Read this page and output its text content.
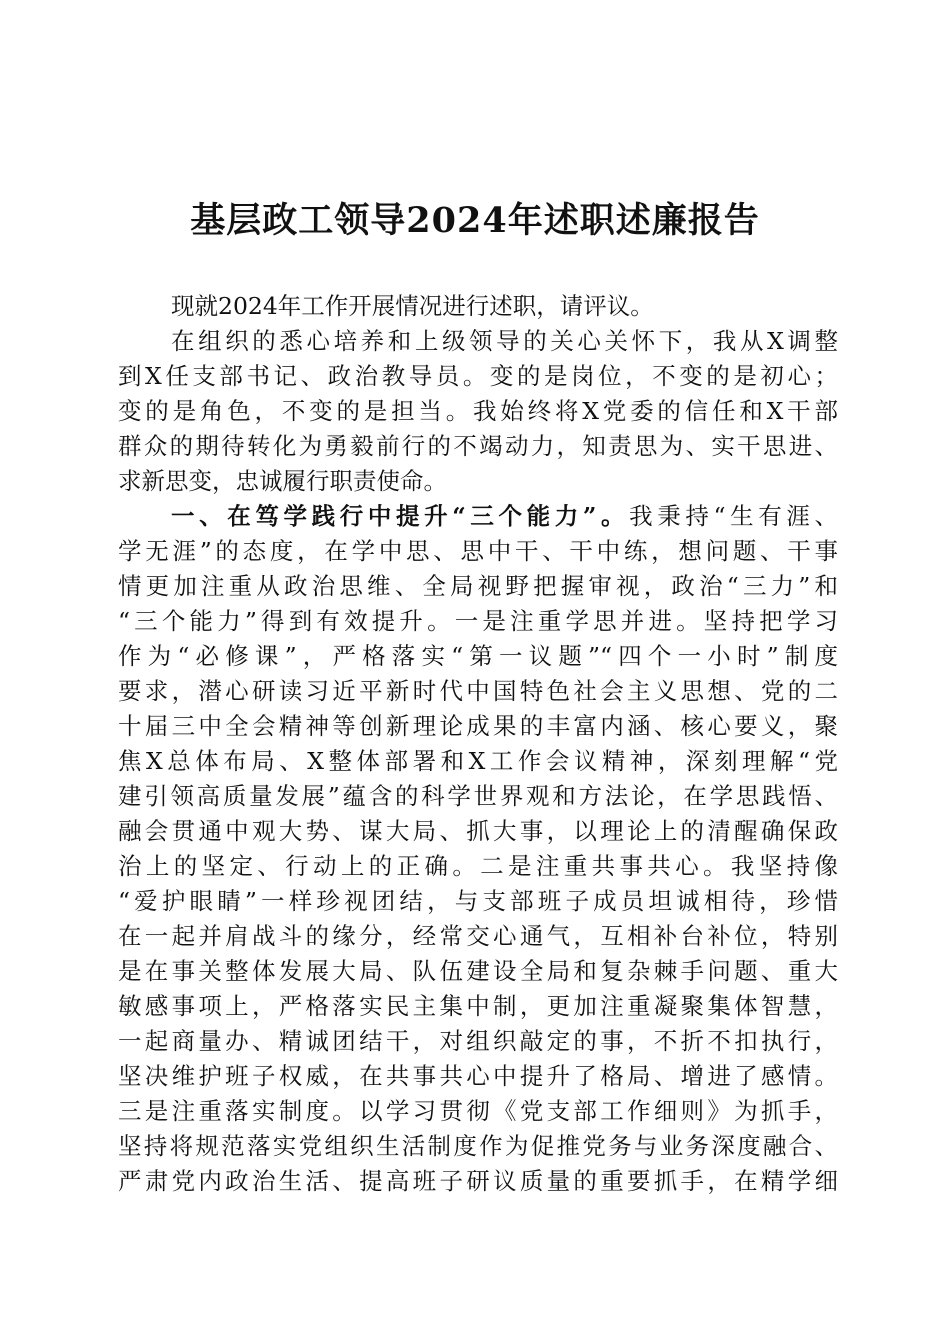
基层政工领导2024年述职述廉报告
现就2024年工作开展情况进行述职，请评议。
在组织的悉心培养和上级领导的关心关怀下，我从X调整
到X任支部书记、政治教导员。变的是岗位，不变的是初心；
变的是角色，不变的是担当。我始终将X党委的信任和X干部
群众的期待转化为勇毅前行的不竭动力，知责思为、实干思进、
求新思变，忠诚履行职责使命。
一、在笃学践行中提升“三个能力”。我秉持“生有涯、
学无涯”的态度，在学中思、思中干、干中练，想问题、干事
情更加注重从政治思维、全局视野把握审视，政治“三力”和
“三个能力”得到有效提升。一是注重学思并进。坚持把学习
作为“必修课”，严格落实“第一议题”“四个一小时”制度
要求，潜心研读习近平新时代中国特色社会主义思想、党的二
十届三中全会精神等创新理论成果的丰富内涵、核心要义，聚
焦X总体布局、X整体部署和X工作会议精神，深刻理解“党
建引领高质量发展”蕴含的科学世界观和方法论，在学思践悟、
融会贯通中观大势、谋大局、抓大事，以理论上的清醒确保政
治上的坚定、行动上的正确。二是注重共事共心。我坚持像
“爱护眼睛”一样珍视团结，与支部班子成员坦诚相待，珍惜
在一起并肩战斗的缘分，经常交心通气，互相补台补位，特别
是在事关整体发展大局、队伍建设全局和复杂棘手问题、重大
敏感事项上，严格落实民主集中制，更加注重凝聚集体智慧，
一起商量办、精诚团结干，对组织敲定的事，不折不扣执行，
坚决维护班子权威，在共事共心中提升了格局、增进了感情。
三是注重落实制度。以学习贯彻《党支部工作细则》为抓手，
坚持将规范落实党组织生活制度作为促推党务与业务深度融合、
严肃党内政治生活、提高班子研议质量的重要抓手，在精学细
